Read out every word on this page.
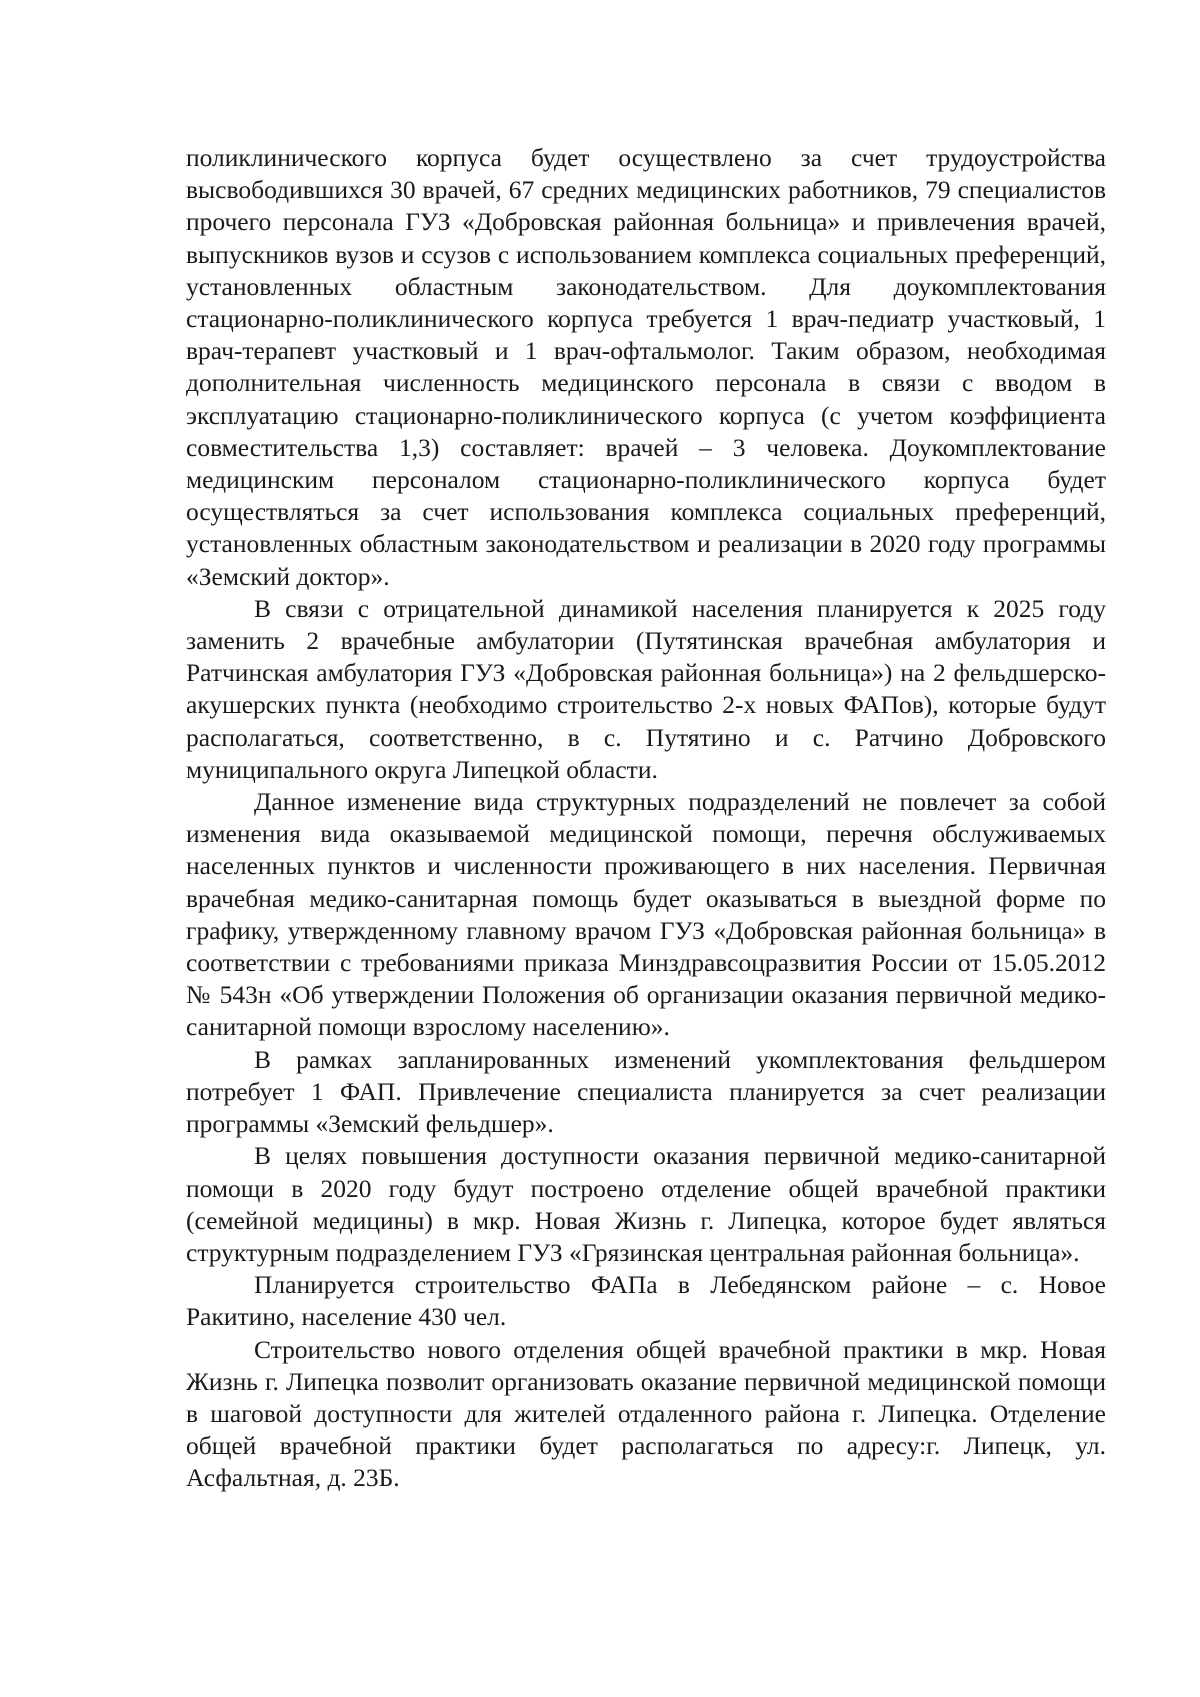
поликлинического корпуса будет осуществлено за счет трудоустройства высвободившихся 30 врачей, 67 средних медицинских работников, 79 специалистов прочего персонала ГУЗ «Добровская районная больница» и привлечения врачей, выпускников вузов и ссузов с использованием комплекса социальных преференций, установленных областным законодательством. Для доукомплектования стационарно-поликлинического корпуса требуется 1 врач-педиатр участковый, 1 врач-терапевт участковый и 1 врач-офтальмолог. Таким образом, необходимая дополнительная численность медицинского персонала в связи с вводом в эксплуатацию стационарно-поликлинического корпуса (с учетом коэффициента совместительства 1,3) составляет: врачей – 3 человека. Доукомплектование медицинским персоналом стационарно-поликлинического корпуса будет осуществляться за счет использования комплекса социальных преференций, установленных областным законодательством и реализации в 2020 году программы «Земский доктор».

В связи с отрицательной динамикой населения планируется к 2025 году заменить 2 врачебные амбулатории (Путятинская врачебная амбулатория и Ратчинская амбулатория ГУЗ «Добровская районная больница») на 2 фельдшерско-акушерских пункта (необходимо строительство 2-х новых ФАПов), которые будут располагаться, соответственно, в с. Путятино и с. Ратчино Добровского муниципального округа Липецкой области.

Данное изменение вида структурных подразделений не повлечет за собой изменения вида оказываемой медицинской помощи, перечня обслуживаемых населенных пунктов и численности проживающего в них населения. Первичная врачебная медико-санитарная помощь будет оказываться в выездной форме по графику, утвержденному главному врачом ГУЗ «Добровская районная больница» в соответствии с требованиями приказа Минздравсоцразвития России от 15.05.2012 № 543н «Об утверждении Положения об организации оказания первичной медико-санитарной помощи взрослому населению».

В рамках запланированных изменений укомплектования фельдшером потребует 1 ФАП. Привлечение специалиста планируется за счет реализации программы «Земский фельдшер».

В целях повышения доступности оказания первичной медико-санитарной помощи в 2020 году будут построено отделение общей врачебной практики (семейной медицины) в мкр. Новая Жизнь г. Липецка, которое будет являться структурным подразделением ГУЗ «Грязинская центральная районная больница».

Планируется строительство ФАПа в Лебедянском районе – с. Новое Ракитино, население 430 чел.

Строительство нового отделения общей врачебной практики в мкр. Новая Жизнь г. Липецка позволит организовать оказание первичной медицинской помощи в шаговой доступности для жителей отдаленного района г. Липецка. Отделение общей врачебной практики будет располагаться по адресу:г. Липецк, ул. Асфальтная, д. 23Б.
